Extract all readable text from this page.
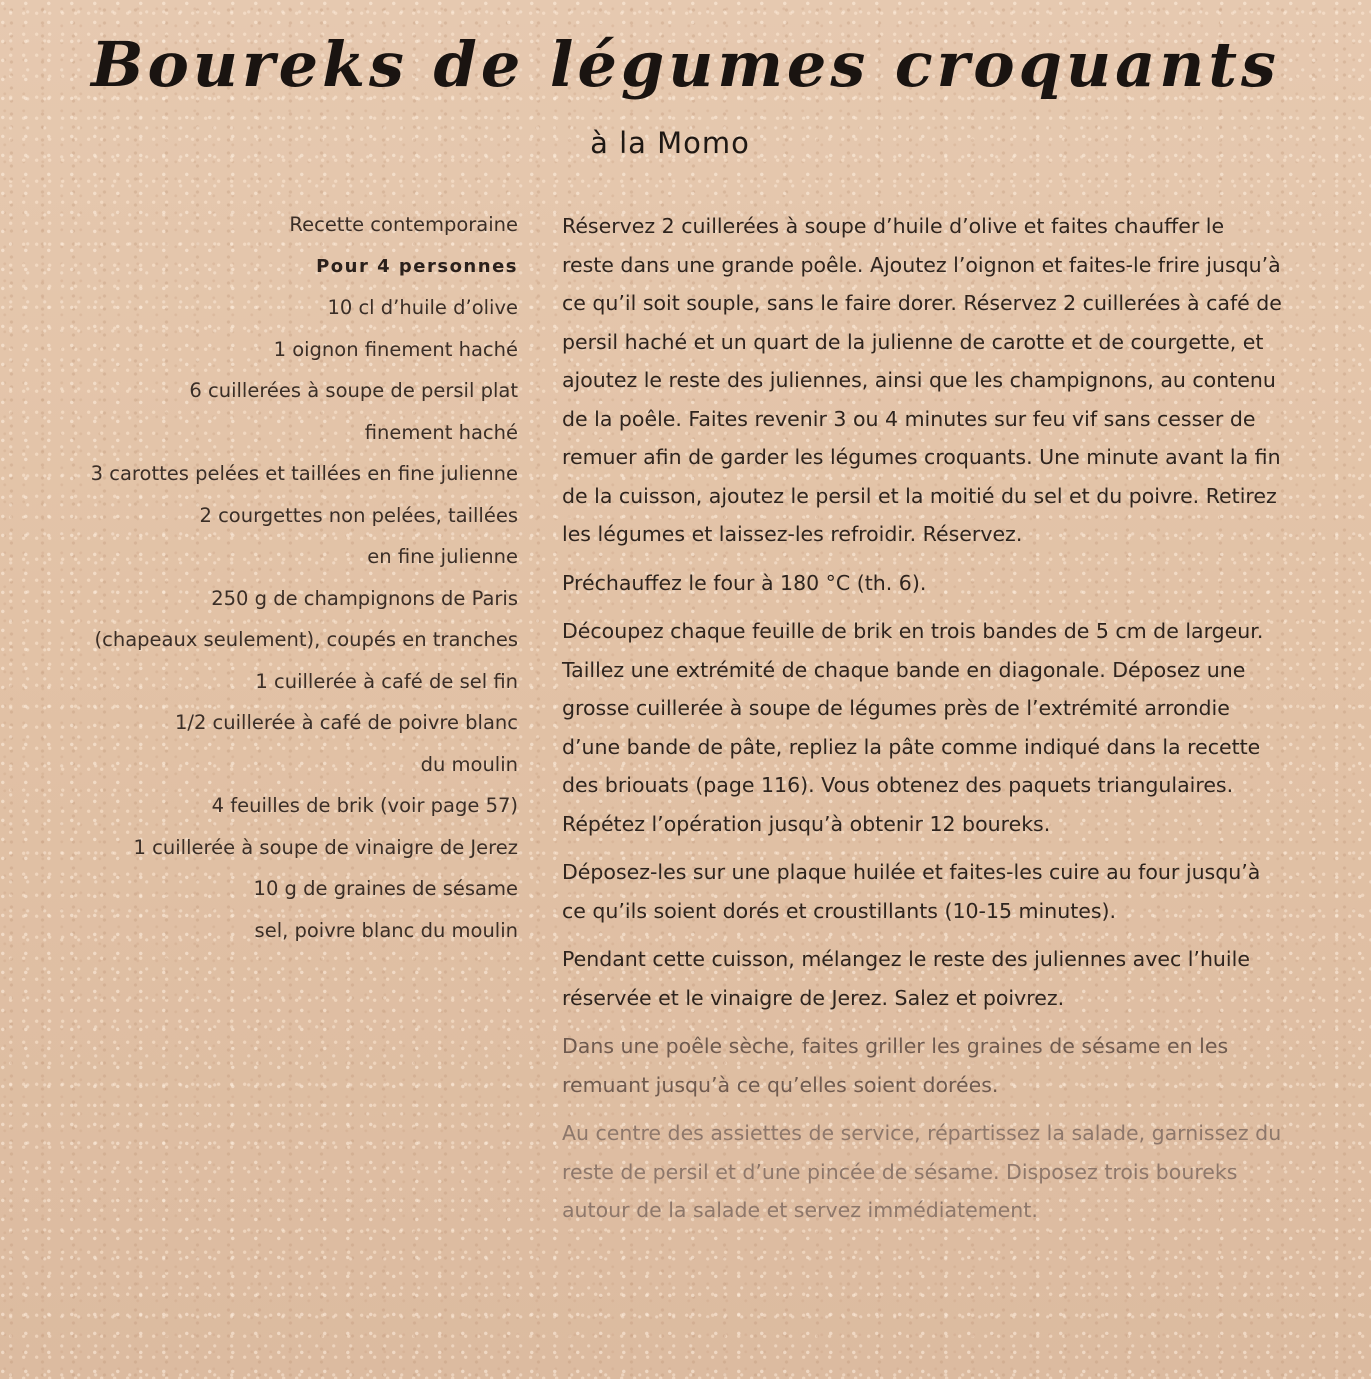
Boureks de légumes croquants
à la Momo
Recette contemporaine
Pour 4 personnes
10 cl d’huile d’olive
1 oignon finement haché
6 cuillerées à soupe de persil plat
finement haché
3 carottes pelées et taillées en fine julienne
2 courgettes non pelées, taillées
en fine julienne
250 g de champignons de Paris
(chapeaux seulement), coupés en tranches
1 cuillerée à café de sel fin
1/2 cuillerée à café de poivre blanc
du moulin
4 feuilles de brik (voir page 57)
1 cuillerée à soupe de vinaigre de Jerez
10 g de graines de sésame
sel, poivre blanc du moulin

Réservez 2 cuillerées à soupe d’huile d’olive et faites chauffer le reste dans une grande poêle. Ajoutez l’oignon et faites-le frire jusqu’à ce qu’il soit souple, sans le faire dorer. Réservez 2 cuillerées à café de persil haché et un quart de la julienne de carotte et de courgette, et ajoutez le reste des juliennes, ainsi que les champignons, au contenu de la poêle. Faites revenir 3 ou 4 minutes sur feu vif sans cesser de remuer afin de garder les légumes croquants. Une minute avant la fin de la cuisson, ajoutez le persil et la moitié du sel et du poivre. Retirez les légumes et laissez-les refroidir. Réservez.

Préchauffez le four à 180 °C (th. 6).

Découpez chaque feuille de brik en trois bandes de 5 cm de largeur. Taillez une extrémité de chaque bande en diagonale. Déposez une grosse cuillerée à soupe de légumes près de l’extrémité arrondie d’une bande de pâte, repliez la pâte comme indiqué dans la recette des briouats (page 116). Vous obtenez des paquets triangulaires. Répétez l’opération jusqu’à obtenir 12 boureks.

Déposez-les sur une plaque huilée et faites-les cuire au four jusqu’à ce qu’ils soient dorés et croustillants (10-15 minutes).

Pendant cette cuisson, mélangez le reste des juliennes avec l’huile réservée et le vinaigre de Jerez. Salez et poivrez.

Dans une poêle sèche, faites griller les graines de sésame en les remuant jusqu’à ce qu’elles soient dorées.

Au centre des assiettes de service, répartissez la salade, garnissez du reste de persil et d’une pincée de sésame. Disposez trois boureks autour de la salade et servez immédiatement.
